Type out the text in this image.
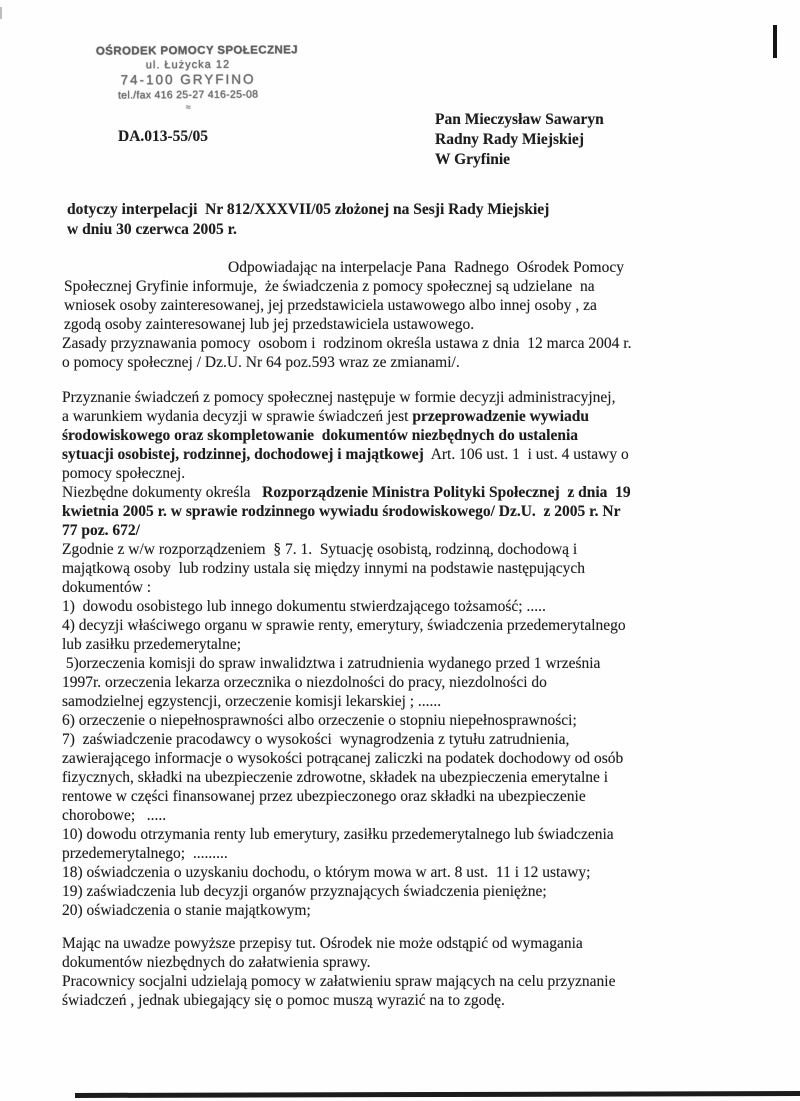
OŚRODEK POMOCY SPOŁECZNEJ
ul. Łużycka 12
74-100 GRYFINO
tel./fax 416 25-27 416-25-08
≈
DA.013-55/05
Pan Mieczysław Sawaryn
Radny Rady Miejskiej
W Gryfinie
dotyczy interpelacji  Nr 812/XXXVII/05 złożonej na Sesji Rady Miejskiej
w dniu 30 czerwca 2005 r.

Odpowiadając na interpelacje Pana  Radnego  Ośrodek Pomocy
Społecznej Gryfinie informuje,  że świadczenia z pomocy społecznej są udzielane  na
wniosek osoby zainteresowanej, jej przedstawiciela ustawowego albo innej osoby , za
zgodą osoby zainteresowanej lub jej przedstawiciela ustawowego.

Zasady przyznawania pomocy  osobom i  rodzinom określa ustawa z dnia  12 marca 2004 r.
o pomocy społecznej / Dz.U. Nr 64 poz.593 wraz ze zmianami/.

Przyznanie świadczeń z pomocy społecznej następuje w formie decyzji administracyjnej,
a warunkiem wydania decyzji w sprawie świadczeń jest przeprowadzenie wywiadu
środowiskowego oraz skompletowanie  dokumentów niezbędnych do ustalenia
sytuacji osobistej, rodzinnej, dochodowej i majątkowej  Art. 106 ust. 1  i ust. 4 ustawy o
pomocy społecznej.

Niezbędne dokumenty określa   Rozporządzenie Ministra Polityki Społecznej  z dnia  19
kwietnia 2005 r. w sprawie rodzinnego wywiadu środowiskowego/ Dz.U.  z 2005 r. Nr
77 poz. 672/

Zgodnie z w/w rozporządzeniem  § 7. 1.  Sytuację osobistą, rodzinną, dochodową i
majątkową osoby  lub rodziny ustala się między innymi na podstawie następujących
dokumentów :

1)  dowodu osobistego lub innego dokumentu stwierdzającego tożsamość; .....

4) decyzji właściwego organu w sprawie renty, emerytury, świadczenia przedemerytalnego
lub zasiłku przedemerytalne;

5)orzeczenia komisji do spraw inwalidztwa i zatrudnienia wydanego przed 1 września
1997r. orzeczenia lekarza orzecznika o niezdolności do pracy, niezdolności do
samodzielnej egzystencji, orzeczenie komisji lekarskiej ; ......

6) orzeczenie o niepełnosprawności albo orzeczenie o stopniu niepełnosprawności;

7)  zaświadczenie pracodawcy o wysokości  wynagrodzenia z tytułu zatrudnienia,
zawierającego informacje o wysokości potrącanej zaliczki na podatek dochodowy od osób
fizycznych, składki na ubezpieczenie zdrowotne, składek na ubezpieczenia emerytalne i
rentowe w części finansowanej przez ubezpieczonego oraz składki na ubezpieczenie
chorobowe;   .....

10) dowodu otrzymania renty lub emerytury, zasiłku przedemerytalnego lub świadczenia
przedemerytalnego;  .........

18) oświadczenia o uzyskaniu dochodu, o którym mowa w art. 8 ust.  11 i 12 ustawy;

19) zaświadczenia lub decyzji organów przyznających świadczenia pieniężne;

20) oświadczenia o stanie majątkowym;

Mając na uwadze powyższe przepisy tut. Ośrodek nie może odstąpić od wymagania
dokumentów niezbędnych do załatwienia sprawy.
Pracownicy socjalni udzielają pomocy w załatwieniu spraw mających na celu przyznanie
świadczeń , jednak ubiegający się o pomoc muszą wyrazić na to zgodę.
